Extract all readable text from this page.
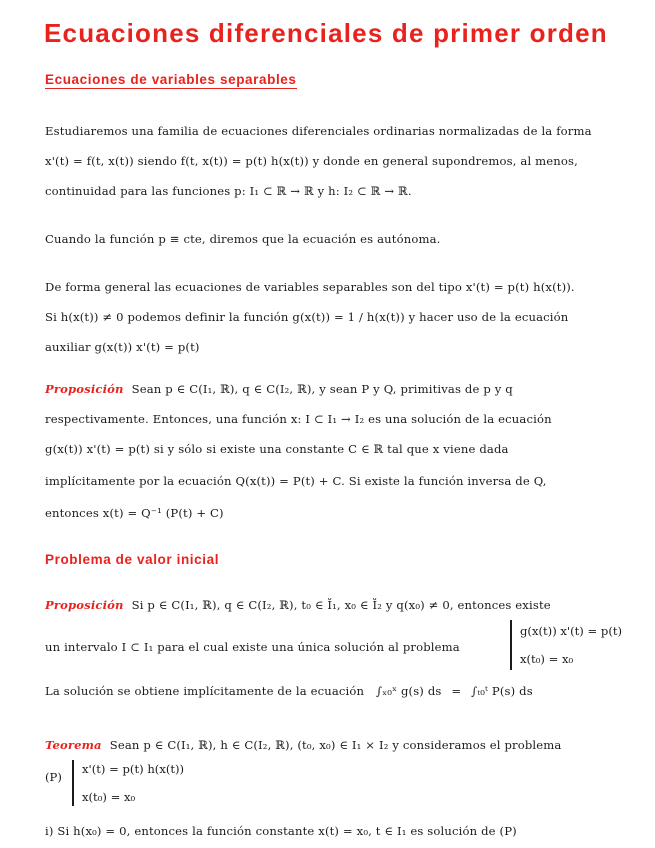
Ecuaciones diferenciales de primer orden
Ecuaciones de variables separables
Estudiaremos una familia de ecuaciones diferenciales ordinarias normalizadas de la forma
x'(t) = f(t, x(t)) siendo f(t, x(t)) = p(t) h(x(t)) y donde en general supondremos, al menos,
continuidad para las funciones p: I₁ ⊂ ℝ → ℝ y h: I₂ ⊂ ℝ → ℝ.
Cuando la función p ≡ cte, diremos que la ecuación es autónoma.
De forma general las ecuaciones de variables separables son del tipo x'(t) = p(t) h(x(t)).
Si h(x(t)) ≠ 0 podemos definir la función g(x(t)) = 1 / h(x(t)) y hacer uso de la ecuación
auxiliar g(x(t)) x'(t) = p(t)
Proposición Sean p ∈ C(I₁, ℝ), q ∈ C(I₂, ℝ), y sean P y Q, primitivas de p y q
respectivamente. Entonces, una función x: I ⊂ I₁ → I₂ es una solución de la ecuación
g(x(t)) x'(t) = p(t) si y sólo si existe una constante C ∈ ℝ tal que x viene dada
implícitamente por la ecuación Q(x(t)) = P(t) + C. Si existe la función inversa de Q,
entonces x(t) = Q⁻¹ (P(t) + C)
Problema de valor inicial
Proposición Si p ∈ C(I₁, ℝ), q ∈ C(I₂, ℝ), t₀ ∈ I̊₁, x₀ ∈ I̊₂ y q(x₀) ≠ 0, entonces existe
un intervalo I ⊂ I₁ para el cual existe una única solución al problema
g(x(t)) x'(t) = p(t)
x(t₀) = x₀
La solución se obtiene implícitamente de la ecuación ∫ₓ₀ˣ g(s) ds = ∫ₜ₀ᵗ P(s) ds
Teorema Sean p ∈ C(I₁, ℝ), h ∈ C(I₂, ℝ), (t₀, x₀) ∈ I₁ × I₂ y consideramos el problema
(P)
x'(t) = p(t) h(x(t))
x(t₀) = x₀
i) Si h(x₀) = 0, entonces la función constante x(t) = x₀, t ∈ I₁ es solución de (P)
